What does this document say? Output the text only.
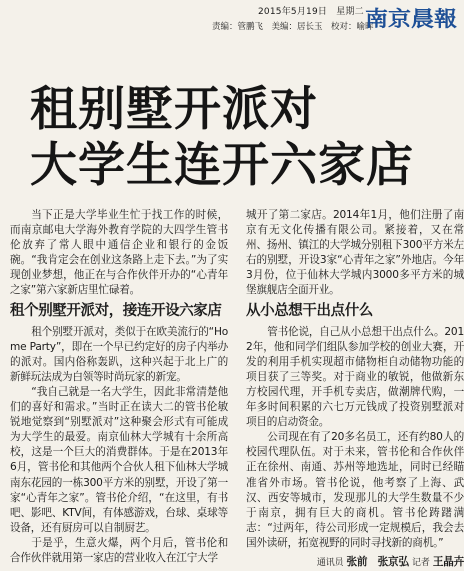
2015年5月19日　星期二
责编：管鹏飞　美编：居长玉　校对：喻晖
南京晨報
租别墅开派对
大学生连开六家店

当下正是大学毕业生忙于找工作的时候，而南京邮电大学海外教育学院的大四学生管书伦放弃了常人眼中通信企业和银行的金饭碗。“我肯定会在创业这条路上走下去。”为了实现创业梦想，他正在与合作伙伴开办的“心青年之家”第六家新店里忙碌着。

租个别墅开派对，接连开设六家店

租个别墅开派对，类似于在欧美流行的“Home Party”，即在一个早已约定好的房子内举办的派对。国内俗称轰趴，这种兴起于北上广的新鲜玩法成为白领等时尚玩家的新宠。

“我自己就是一名大学生，因此非常清楚他们的喜好和需求。”当时正在读大二的管书伦敏锐地觉察到“别墅派对”这种聚会形式有可能成为大学生的最爱。南京仙林大学城有十余所高校，这是一个巨大的消费群体。于是在2013年6月，管书伦和其他两个合伙人租下仙林大学城南东花园的一栋300平方米的别墅，开设了第一家“心青年之家”。管书伦介绍，“在这里，有书吧、影吧、KTV间，有体感游戏，台球、桌球等设备，还有厨房可以自制厨艺。

于是乎，生意火爆，两个月后，管书伦和合作伙伴就用第一家店的营业收入在江宁大学

城开了第二家店。2014年1月，他们注册了南京有无文化传播有限公司。紧接着，又在常州、扬州、镇江的大学城分别租下300平方米左右的别墅，开设3家“心青年之家”外地店。今年3月份，位于仙林大学城内3000多平方米的城堡旗舰店全面开业。

从小总想干出点什么

管书伦说，自己从小总想干出点什么。2012年，他和同学们组队参加学校的创业大赛，开发的利用手机实现超市储物柜自动储物功能的项目获了三等奖。对于商业的敏锐，他做新东方校园代理，开手机专卖店，做潮牌代购，一年多时间积累的六七万元钱成了投资别墅派对项目的启动资金。

公司现在有了20多名员工，还有约80人的校园代理队伍。对于未来，管书伦和合作伙伴正在徐州、南通、苏州等地选址，同时已经瞄准省外市场。管书伦说，他考察了上海、武汉、西安等城市，发现那儿的大学生数量不少于南京，拥有巨大的商机。管书伦踌躇满志：“过两年，待公司形成一定规模后，我会去国外读研，拓宽视野的同时寻找新的商机。”

通讯员 张前　张京弘 记者 王晶卉
